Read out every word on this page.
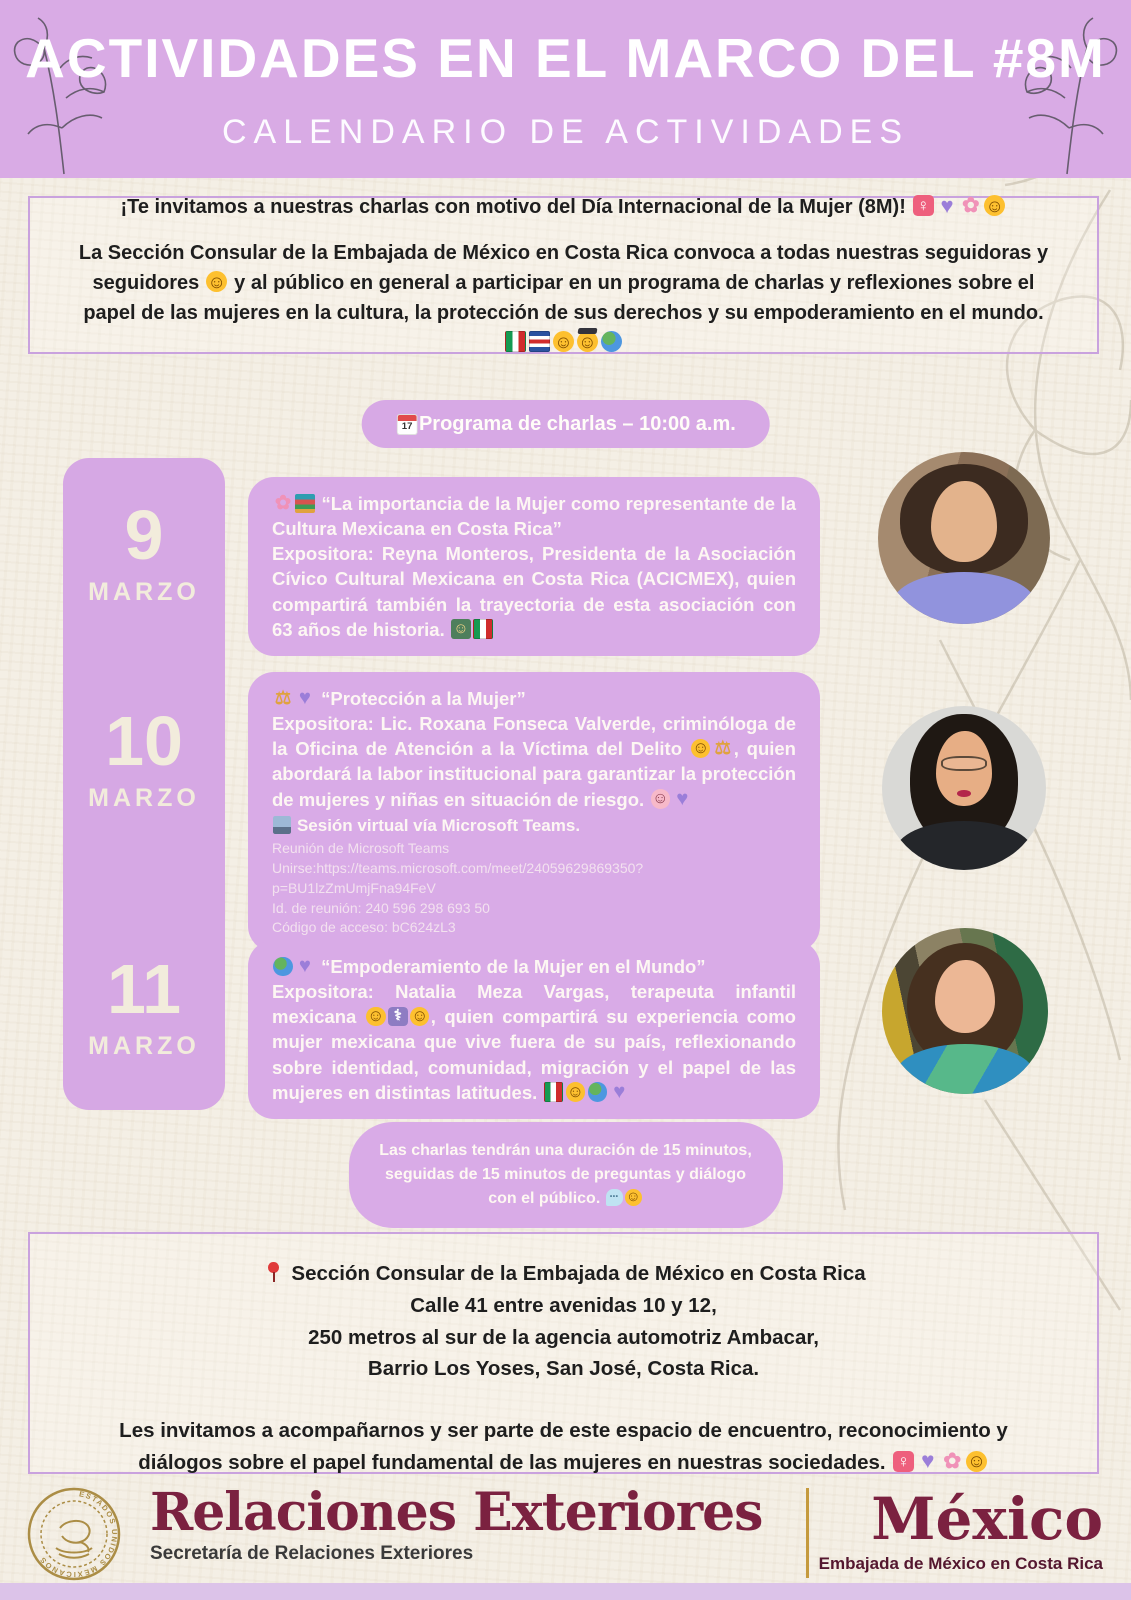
ACTIVIDADES EN EL MARCO DEL #8M
CALENDARIO DE ACTIVIDADES
¡Te invitamos a nuestras charlas con motivo del Día Internacional de la Mujer (8M)! ♀♥✿☺
La Sección Consular de la Embajada de México en Costa Rica convoca a todas nuestras seguidoras y seguidores ☺ y al público en general a participar en un programa de charlas y reflexiones sobre el papel de las mujeres en la cultura, la protección de sus derechos y su empoderamiento en el mundo. ☺☺
17
Programa de charlas – 10:00 a.m.
9
MARZO
10
MARZO
11
MARZO
✿ “La importancia de la Mujer como representante de la Cultura Mexicana en Costa Rica”
Expositora: Reyna Monteros, Presidenta de la Asociación Cívico Cultural Mexicana en Costa Rica (ACICMEX), quien compartirá también la trayectoria de esta asociación con 63 años de historia. ☺
⚖♥ “Protección a la Mujer”
Expositora: Lic. Roxana Fonseca Valverde, criminóloga de la Oficina de Atención a la Víctima del Delito ☺⚖, quien abordará la labor institucional para garantizar la protección de mujeres y niñas en situación de riesgo. ☺♥
Sesión virtual vía Microsoft Teams.
Reunión de Microsoft Teams
Unirse:https://teams.microsoft.com/meet/24059629869350?
p=BU1lzZmUmjFna94FeV
Id. de reunión: 240 596 298 693 50
Código de acceso: bC624zL3
♥ “Empoderamiento de la Mujer en el Mundo”
Expositora: Natalia Meza Vargas, terapeuta infantil mexicana ☺ ⚕ ☺	, quien compartirá su experiencia como mujer mexicana que vive fuera de su país, reflexionando sobre identidad, comunidad, migración y el papel de las mujeres en distintas latitudes. ☺♥
Las charlas tendrán una duración de 15 minutos, seguidas de 15 minutos de preguntas y diálogo con el público. •••☺
Sección Consular de la Embajada de México en Costa Rica
Calle 41 entre avenidas 10 y 12,
250 metros al sur de la agencia automotriz Ambacar,
Barrio Los Yoses, San José, Costa Rica.
Les invitamos a acompañarnos y ser parte de este espacio de encuentro, reconocimiento y diálogos sobre el papel fundamental de las mujeres en nuestras sociedades. ♀♥✿☺
ESTADOS UNIDOS MEXICANOS
Relaciones Exteriores
Secretaría de Relaciones Exteriores
México
Embajada de México en Costa Rica
